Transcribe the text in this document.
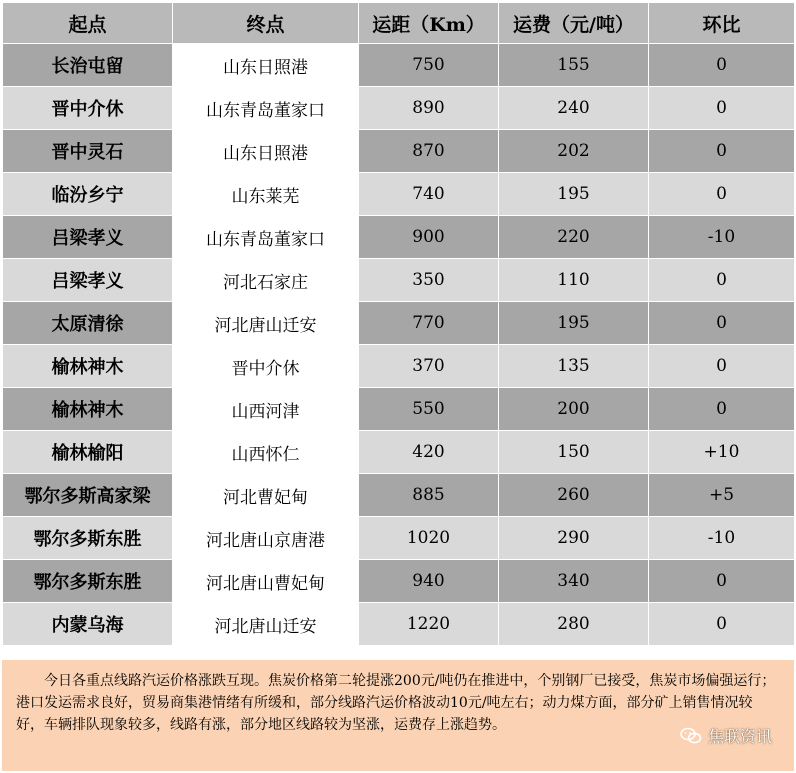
起点	终点	运距（Km）	运费（元/吨）	环比
长治屯留	山东日照港	750	155	0
晋中介休	山东青岛董家口	890	240	0
晋中灵石	山东日照港	870	202	0
临汾乡宁	山东莱芜	740	195	0
吕梁孝义	山东青岛董家口	900	220	-10
吕梁孝义	河北石家庄	350	110	0
太原清徐	河北唐山迁安	770	195	0
榆林神木	晋中介休	370	135	0
榆林神木	山西河津	550	200	0
榆林榆阳	山西怀仁	420	150	+10
鄂尔多斯高家梁	河北曹妃甸	885	260	+5
鄂尔多斯东胜	河北唐山京唐港	1020	290	-10
鄂尔多斯东胜	河北唐山曹妃甸	940	340	0
内蒙乌海	河北唐山迁安	1220	280	0
今日各重点线路汽运价格涨跌互现。焦炭价格第二轮提涨200元/吨仍在推进中，个别钢厂已接受，焦炭市场偏强运行；港口发运需求良好，贸易商集港情绪有所缓和，部分线路汽运价格波动10元/吨左右；动力煤方面，部分矿上销售情况较好，车辆排队现象较多，线路有涨，部分地区线路较为坚涨，运费存上涨趋势。
焦联资讯
